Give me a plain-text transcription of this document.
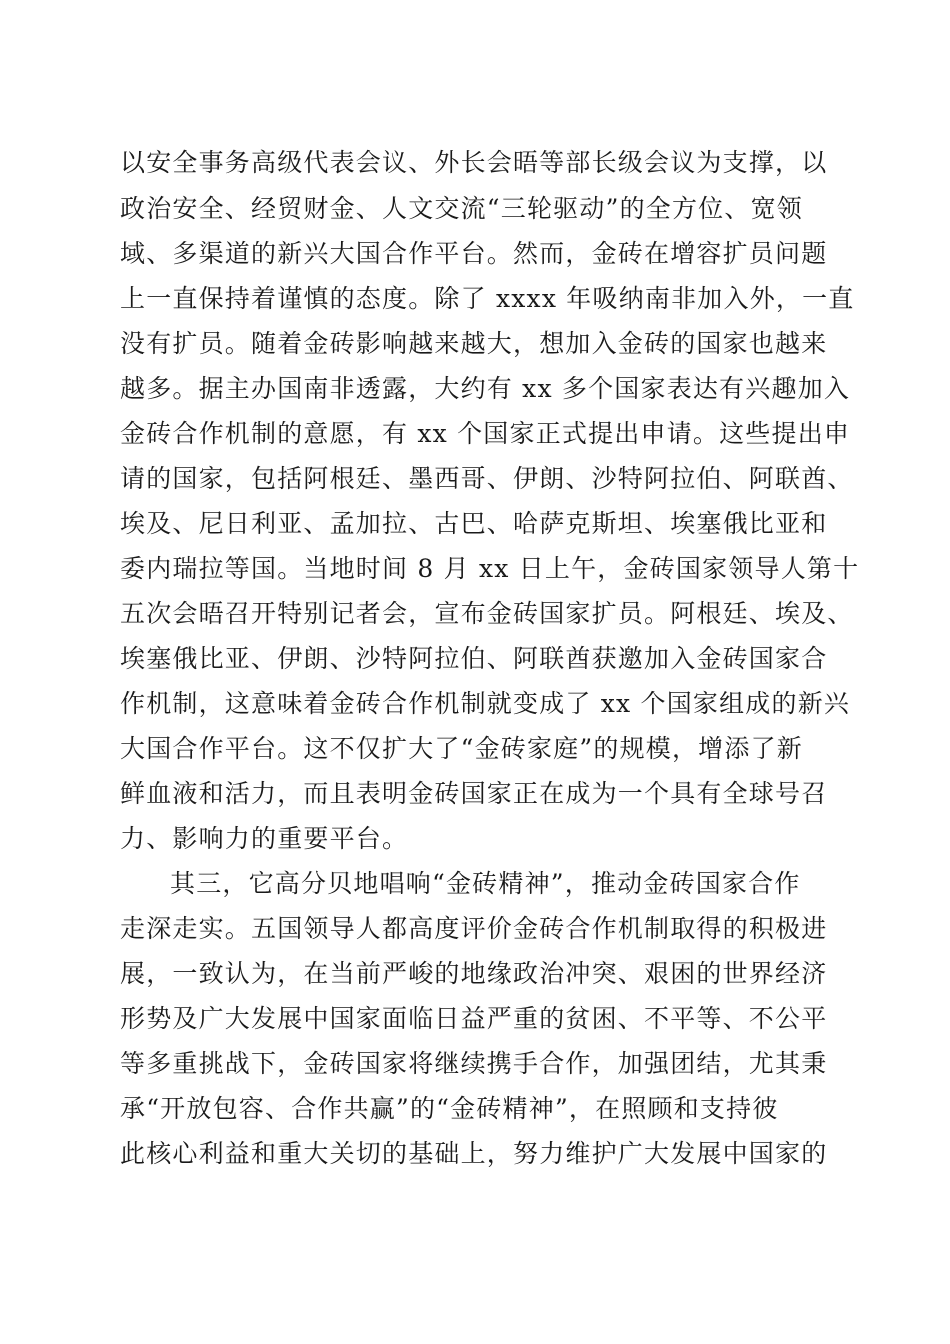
以安全事务高级代表会议、外长会晤等部长级会议为支撑，以
政治安全、经贸财金、人文交流“三轮驱动”的全方位、宽领
域、多渠道的新兴大国合作平台。然而，金砖在增容扩员问题
上一直保持着谨慎的态度。除了 xxxx 年吸纳南非加入外，一直
没有扩员。随着金砖影响越来越大，想加入金砖的国家也越来
越多。据主办国南非透露，大约有 xx 多个国家表达有兴趣加入
金砖合作机制的意愿，有 xx 个国家正式提出申请。这些提出申
请的国家，包括阿根廷、墨西哥、伊朗、沙特阿拉伯、阿联酋、
埃及、尼日利亚、孟加拉、古巴、哈萨克斯坦、埃塞俄比亚和
委内瑞拉等国。当地时间 8 月 xx 日上午，金砖国家领导人第十
五次会晤召开特别记者会，宣布金砖国家扩员。阿根廷、埃及、
埃塞俄比亚、伊朗、沙特阿拉伯、阿联酋获邀加入金砖国家合
作机制，这意味着金砖合作机制就变成了 xx 个国家组成的新兴
大国合作平台。这不仅扩大了“金砖家庭”的规模，增添了新
鲜血液和活力，而且表明金砖国家正在成为一个具有全球号召
力、影响力的重要平台。
其三，它高分贝地唱响“金砖精神”，推动金砖国家合作
走深走实。五国领导人都高度评价金砖合作机制取得的积极进
展，一致认为，在当前严峻的地缘政治冲突、艰困的世界经济
形势及广大发展中国家面临日益严重的贫困、不平等、不公平
等多重挑战下，金砖国家将继续携手合作，加强团结，尤其秉
承“开放包容、合作共赢”的“金砖精神”，在照顾和支持彼
此核心利益和重大关切的基础上，努力维护广大发展中国家的
